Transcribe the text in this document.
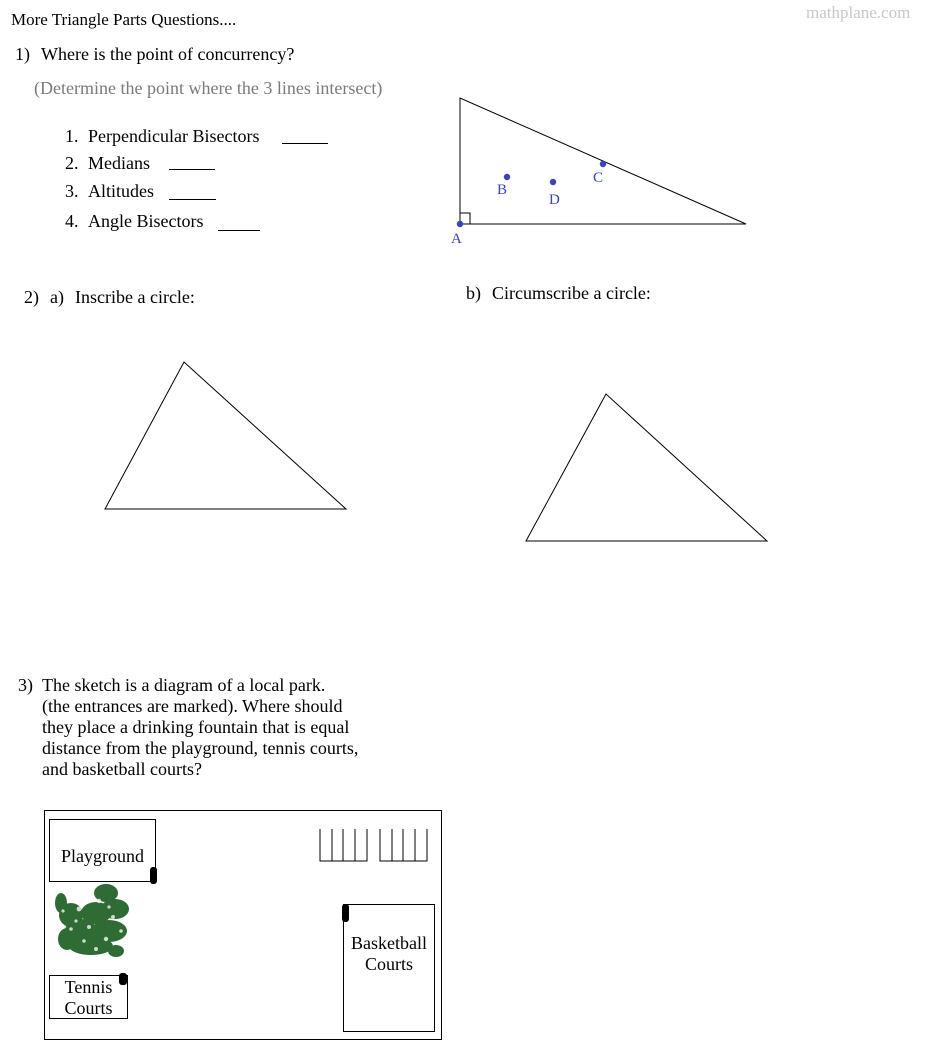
More Triangle Parts Questions....	mathplane.com
1) Where is the point of concurrency?
(Determine the point where the 3 lines intersect)
1. Perpendicular Bisectors
2. Medians
3. Altitudes
4. Angle Bisectors
A
B
C
D
2) a) Inscribe a circle:	b) Circumscribe a circle:
3) The sketch is a diagram of a local park.
(the entrances are marked). Where should
they place a drinking fountain that is equal
distance from the playground, tennis courts,
and basketball courts?
Playground
Tennis
Courts
Basketball
Courts
